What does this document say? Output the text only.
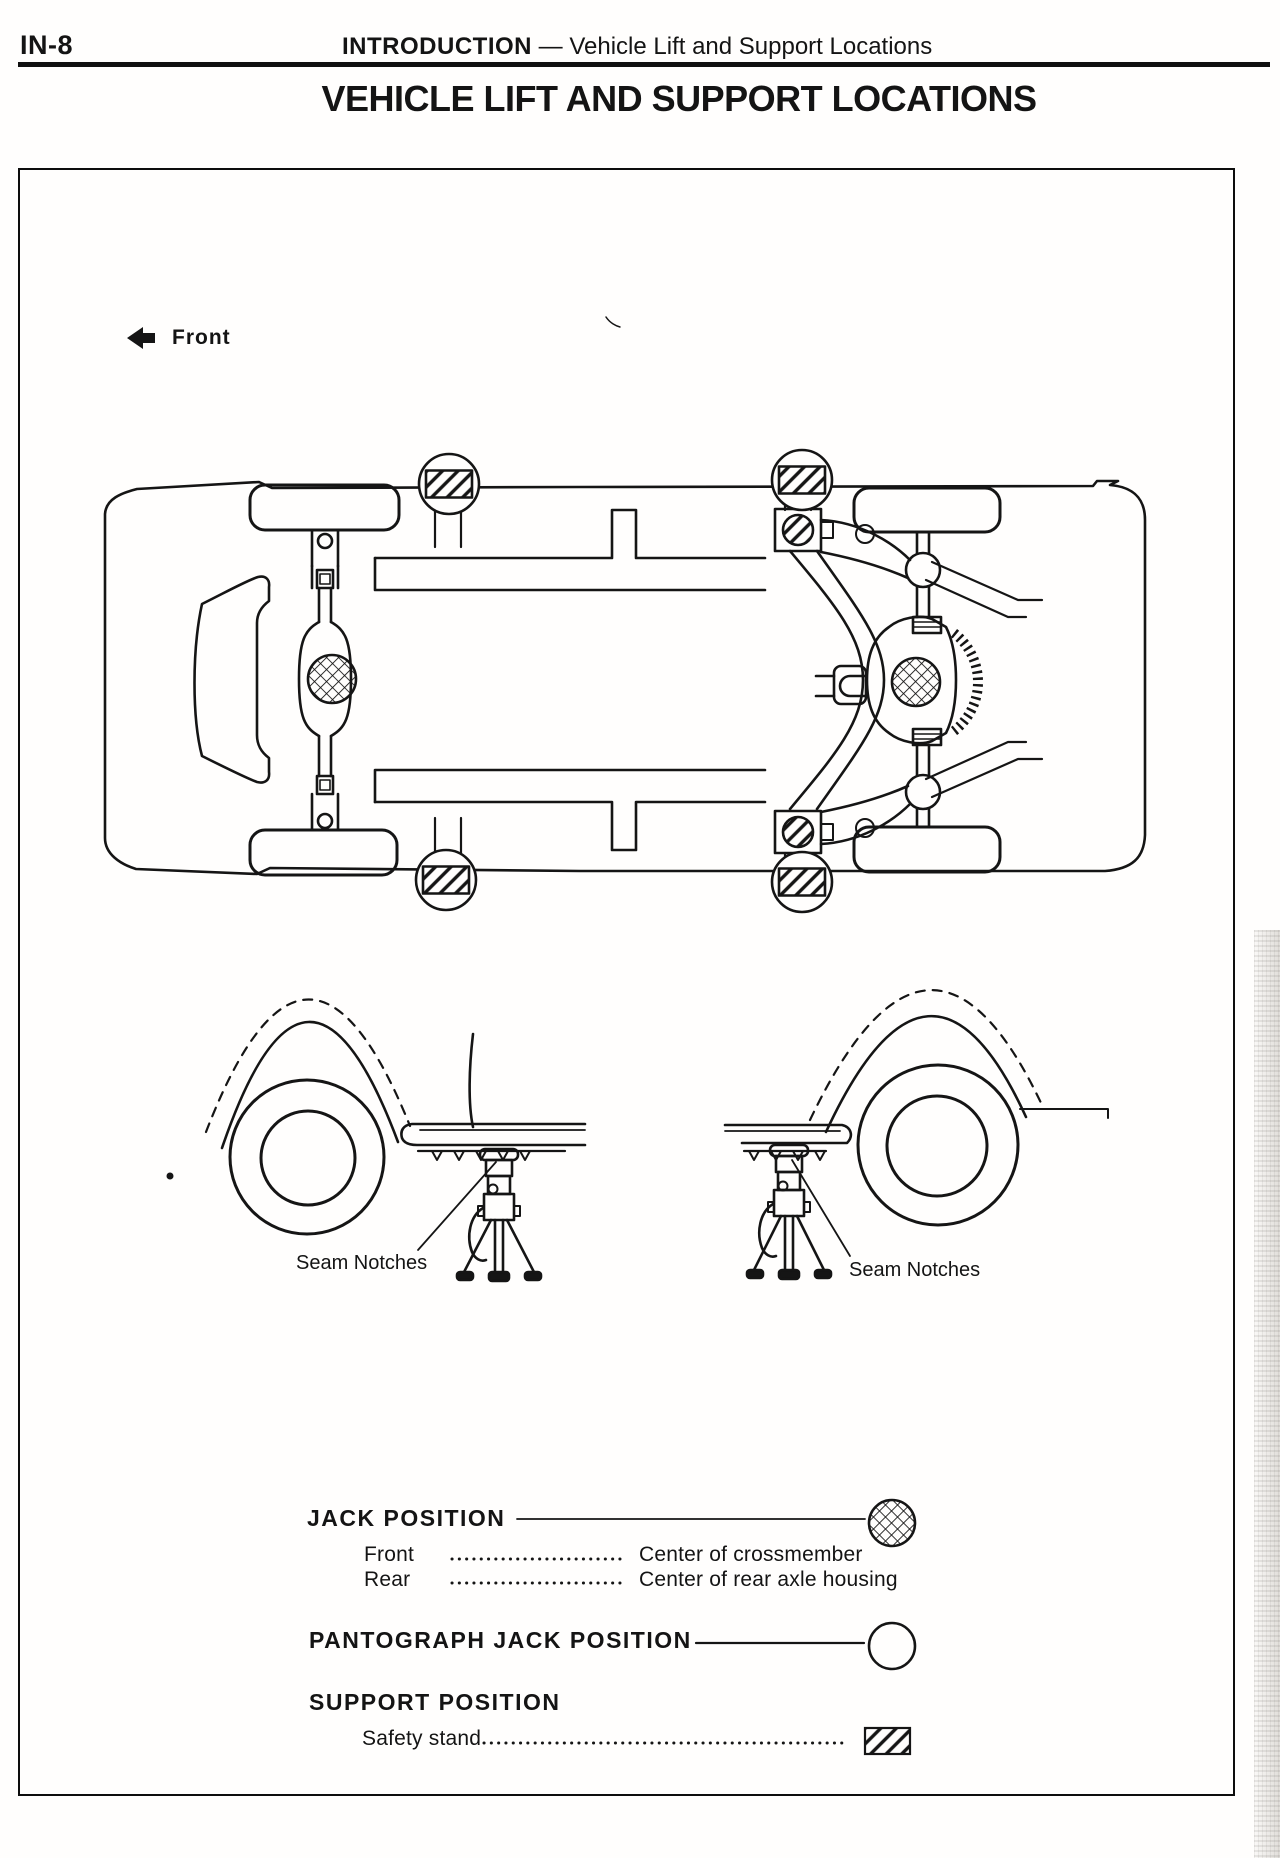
IN-8	INTRODUCTION — Vehicle Lift and Support Locations
VEHICLE LIFT AND SUPPORT LOCATIONS
Front
Seam Notches	Seam Notches
JACK POSITION
Front	Center of crossmember
Rear	Center of rear axle housing
PANTOGRAPH JACK POSITION
SUPPORT POSITION
Safety stand
